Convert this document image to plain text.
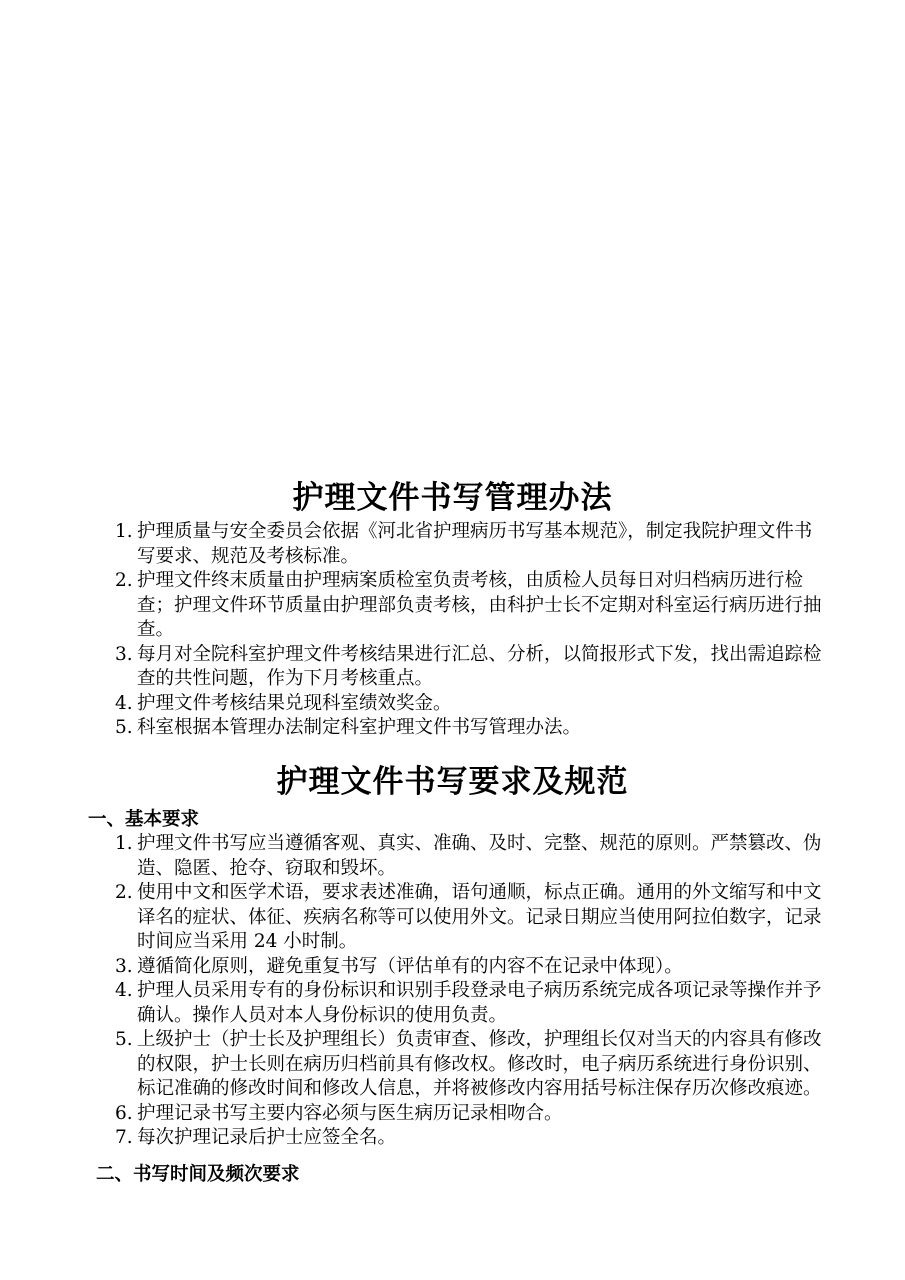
护理文件书写管理办法
1. 护理质量与安全委员会依据《河北省护理病历书写基本规范》，制定我院护理文件书写要求、规范及考核标准。
2. 护理文件终末质量由护理病案质检室负责考核，由质检人员每日对归档病历进行检查；护理文件环节质量由护理部负责考核，由科护士长不定期对科室运行病历进行抽查。
3. 每月对全院科室护理文件考核结果进行汇总、分析，以简报形式下发，找出需追踪检查的共性问题，作为下月考核重点。
4. 护理文件考核结果兑现科室绩效奖金。
5. 科室根据本管理办法制定科室护理文件书写管理办法。
护理文件书写要求及规范
一、基本要求
1. 护理文件书写应当遵循客观、真实、准确、及时、完整、规范的原则。严禁篡改、伪造、隐匿、抢夺、窃取和毁坏。
2. 使用中文和医学术语，要求表述准确，语句通顺，标点正确。通用的外文缩写和中文译名的症状、体征、疾病名称等可以使用外文。记录日期应当使用阿拉伯数字，记录时间应当采用 24 小时制。
3. 遵循简化原则，避免重复书写（评估单有的内容不在记录中体现）。
4. 护理人员采用专有的身份标识和识别手段登录电子病历系统完成各项记录等操作并予确认。操作人员对本人身份标识的使用负责。
5. 上级护士（护士长及护理组长）负责审查、修改，护理组长仅对当天的内容具有修改的权限，护士长则在病历归档前具有修改权。修改时，电子病历系统进行身份识别、标记准确的修改时间和修改人信息，并将被修改内容用括号标注保存历次修改痕迹。
6. 护理记录书写主要内容必须与医生病历记录相吻合。
7. 每次护理记录后护士应签全名。
二、书写时间及频次要求
